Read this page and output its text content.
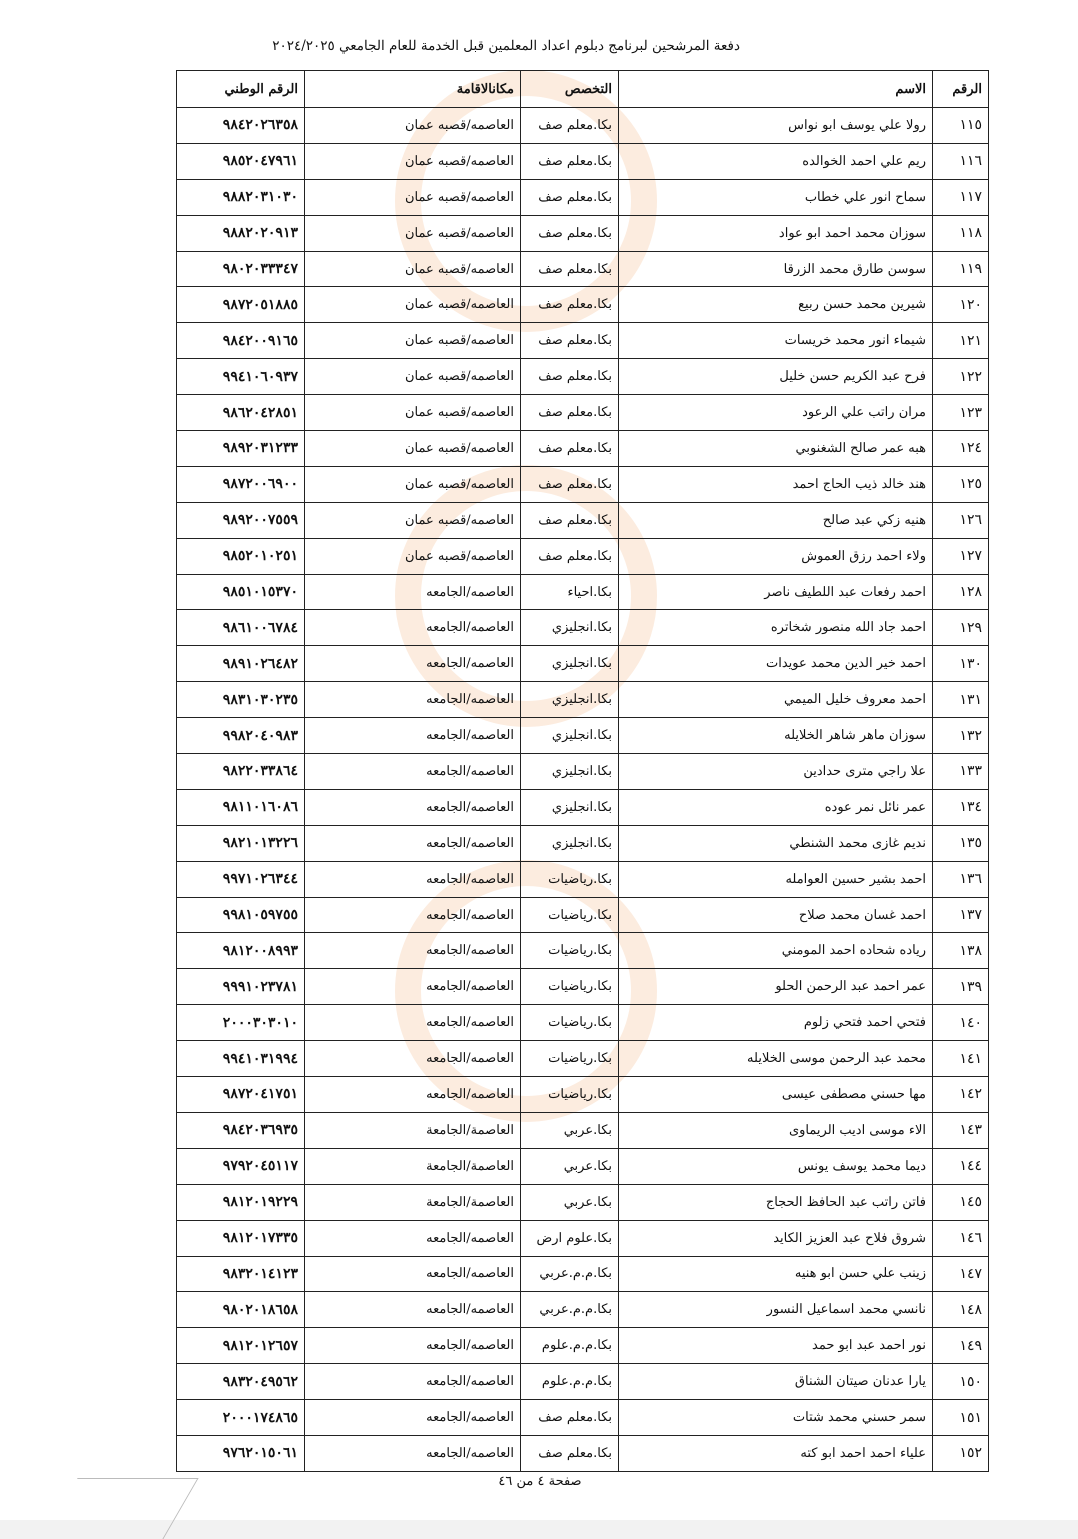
دفعة المرشحين لبرنامج دبلوم اعداد المعلمين قبل الخدمة للعام الجامعي ٢٠٢٤/٢٠٢٥
الرقم	الاسم	التخصص	مكانالاقامة	الرقم الوطني
١١٥	رولا علي يوسف ابو نواس	بكا.معلم صف	العاصمه/قصبه عمان	٩٨٤٢٠٢٦٣٥٨
١١٦	ريم علي احمد الخوالده	بكا.معلم صف	العاصمه/قصبه عمان	٩٨٥٢٠٤٧٩٦١
١١٧	سماح انور علي خطاب	بكا.معلم صف	العاصمه/قصبه عمان	٩٨٨٢٠٣١٠٣٠
١١٨	سوزان محمد احمد ابو عواد	بكا.معلم صف	العاصمه/قصبه عمان	٩٨٨٢٠٢٠٩١٣
١١٩	سوسن طارق محمد الزرقا	بكا.معلم صف	العاصمه/قصبه عمان	٩٨٠٢٠٣٣٣٤٧
١٢٠	شيرين محمد حسن ربيع	بكا.معلم صف	العاصمه/قصبه عمان	٩٨٧٢٠٥١٨٨٥
١٢١	شيماء انور محمد خريسات	بكا.معلم صف	العاصمه/قصبه عمان	٩٨٤٢٠٠٩١٦٥
١٢٢	فرح عبد الكريم حسن خليل	بكا.معلم صف	العاصمه/قصبه عمان	٩٩٤١٠٦٠٩٣٧
١٢٣	مران راتب علي الرعود	بكا.معلم صف	العاصمه/قصبه عمان	٩٨٦٢٠٤٢٨٥١
١٢٤	هبه عمر صالح الشغنوبي	بكا.معلم صف	العاصمه/قصبه عمان	٩٨٩٢٠٣١٢٣٣
١٢٥	هند خالد ذيب الحاج احمد	بكا.معلم صف	العاصمه/قصبه عمان	٩٨٧٢٠٠٦٩٠٠
١٢٦	هنيه زكي عبد صالح	بكا.معلم صف	العاصمه/قصبه عمان	٩٨٩٢٠٠٧٥٥٩
١٢٧	ولاء احمد رزق العموش	بكا.معلم صف	العاصمه/قصبه عمان	٩٨٥٢٠١٠٢٥١
١٢٨	احمد رفعات عبد اللطيف ناصر	بكا.احياء	العاصمه/الجامعه	٩٨٥١٠١٥٣٧٠
١٢٩	احمد جاد الله منصور شخاتره	بكا.انجليزي	العاصمه/الجامعه	٩٨٦١٠٠٦٧٨٤
١٣٠	احمد خير الدين محمد عويدات	بكا.انجليزي	العاصمه/الجامعه	٩٨٩١٠٢٦٤٨٢
١٣١	احمد معروف خليل الميمي	بكا.انجليزي	العاصمه/الجامعه	٩٨٣١٠٣٠٢٣٥
١٣٢	سوزان ماهر شاهر الخلايله	بكا.انجليزي	العاصمه/الجامعه	٩٩٨٢٠٤٠٩٨٣
١٣٣	علا راجي مترى حدادين	بكا.انجليزي	العاصمه/الجامعه	٩٨٢٢٠٣٣٨٦٤
١٣٤	عمر نائل نمر عوده	بكا.انجليزي	العاصمه/الجامعه	٩٨١١٠١٦٠٨٦
١٣٥	نديم غازى محمد الشنطي	بكا.انجليزي	العاصمه/الجامعه	٩٨٢١٠١٣٢٢٦
١٣٦	احمد بشير حسين العوامله	بكا.رياضيات	العاصمه/الجامعه	٩٩٧١٠٢٦٣٤٤
١٣٧	احمد غسان محمد صلاح	بكا.رياضيات	العاصمه/الجامعه	٩٩٨١٠٥٩٧٥٥
١٣٨	رياده شحاده احمد المومني	بكا.رياضيات	العاصمه/الجامعه	٩٨١٢٠٠٨٩٩٣
١٣٩	عمر احمد عبد الرحمن الحلو	بكا.رياضيات	العاصمه/الجامعه	٩٩٩١٠٢٣٧٨١
١٤٠	فتحي احمد فتحي زلوم	بكا.رياضيات	العاصمه/الجامعه	٢٠٠٠٣٠٣٠١٠
١٤١	محمد عبد الرحمن موسى الخلايله	بكا.رياضيات	العاصمه/الجامعه	٩٩٤١٠٣١٩٩٤
١٤٢	مها حسني مصطفى عيسى	بكا.رياضيات	العاصمه/الجامعه	٩٨٧٢٠٤١٧٥١
١٤٣	الاء موسى اديب الريماوى	بكا.عربي	العاصمة/الجامعة	٩٨٤٢٠٣٦٩٣٥
١٤٤	ديما محمد يوسف يونس	بكا.عربي	العاصمة/الجامعة	٩٧٩٢٠٤٥١١٧
١٤٥	فاتن راتب عبد الحافظ الحجاج	بكا.عربي	العاصمة/الجامعة	٩٨١٢٠١٩٢٢٩
١٤٦	شروق فلاح عبد العزيز الكايد	بكا.علوم ارض	العاصمه/الجامعه	٩٨١٢٠١٧٣٣٥
١٤٧	زينب علي حسن ابو هنيه	بكا.م.م.عربي	العاصمه/الجامعه	٩٨٣٢٠١٤١٢٣
١٤٨	نانسي محمد اسماعيل النسور	بكا.م.م.عربي	العاصمه/الجامعه	٩٨٠٢٠١٨٦٥٨
١٤٩	نور احمد عبد ابو حمد	بكا.م.م.علوم	العاصمه/الجامعه	٩٨١٢٠١٢٦٥٧
١٥٠	يارا عدنان صيتان الشناق	بكا.م.م.علوم	العاصمه/الجامعه	٩٨٣٢٠٤٩٥٦٢
١٥١	سمر حسني محمد شتات	بكا.معلم صف	العاصمه/الجامعه	٢٠٠٠١٧٤٨٦٥
١٥٢	علياء احمد احمد ابو كته	بكا.معلم صف	العاصمه/الجامعه	٩٧٦٢٠١٥٠٦١
صفحة ٤ من ٤٦
